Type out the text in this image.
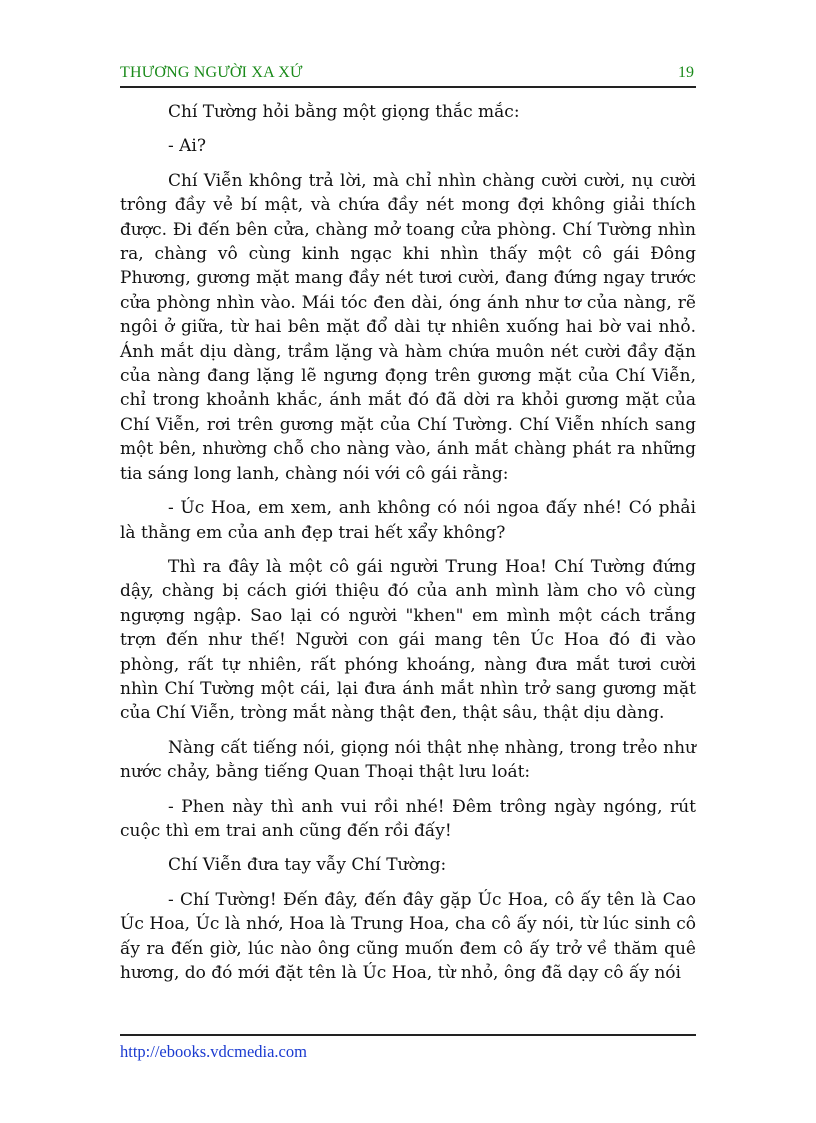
THƯƠNG NGƯỜI XA XỨ	19

Chí Tường hỏi bằng một giọng thắc mắc:

- Ai?

Chí Viễn không trả lời, mà chỉ nhìn chàng cười cười, nụ cười trông đầy vẻ bí mật, và chứa đầy nét mong đợi không giải thích được. Đi đến bên cửa, chàng mở toang cửa phòng. Chí Tường nhìn ra, chàng vô cùng kinh ngạc khi nhìn thấy một cô gái Đông Phương, gương mặt mang đầy nét tươi cười, đang đứng ngay trước cửa phòng nhìn vào. Mái tóc đen dài, óng ánh như tơ của nàng, rẽ ngôi ở giữa, từ hai bên mặt đổ dài tự nhiên xuống hai bờ vai nhỏ. Ánh mắt dịu dàng, trầm lặng và hàm chứa muôn nét cười đầy đặn của nàng đang lặng lẽ ngưng đọng trên gương mặt của Chí Viễn, chỉ trong khoảnh khắc, ánh mắt đó đã dời ra khỏi gương mặt của Chí Viễn, rơi trên gương mặt của Chí Tường. Chí Viễn nhích sang một bên, nhường chỗ cho nàng vào, ánh mắt chàng phát ra những tia sáng long lanh, chàng nói với cô gái rằng:

- Úc Hoa, em xem, anh không có nói ngoa đấy nhé! Có phải là thằng em của anh đẹp trai hết xẩy không?

Thì ra đây là một cô gái người Trung Hoa! Chí Tường đứng dậy, chàng bị cách giới thiệu đó của anh mình làm cho vô cùng ngượng ngập. Sao lại có người "khen" em mình một cách trắng trợn đến như thế! Người con gái mang tên Úc Hoa đó đi vào phòng, rất tự nhiên, rất phóng khoáng, nàng đưa mắt tươi cười nhìn Chí Tường một cái, lại đưa ánh mắt nhìn trở sang gương mặt của Chí Viễn, tròng mắt nàng thật đen, thật sâu, thật dịu dàng.

Nàng cất tiếng nói, giọng nói thật nhẹ nhàng, trong trẻo như nước chảy, bằng tiếng Quan Thoại thật lưu loát:

- Phen này thì anh vui rồi nhé! Đêm trông ngày ngóng, rút cuộc thì em trai anh cũng đến rồi đấy!

Chí Viễn đưa tay vẫy Chí Tường:

- Chí Tường! Đến đây, đến đây gặp Úc Hoa, cô ấy tên là Cao Úc Hoa, Úc là nhớ, Hoa là Trung Hoa, cha cô ấy nói, từ lúc sinh cô ấy ra đến giờ, lúc nào ông cũng muốn đem cô ấy trở về thăm quê hương, do đó mới đặt tên là Úc Hoa, từ nhỏ, ông đã dạy cô ấy nói

http://ebooks.vdcmedia.com
